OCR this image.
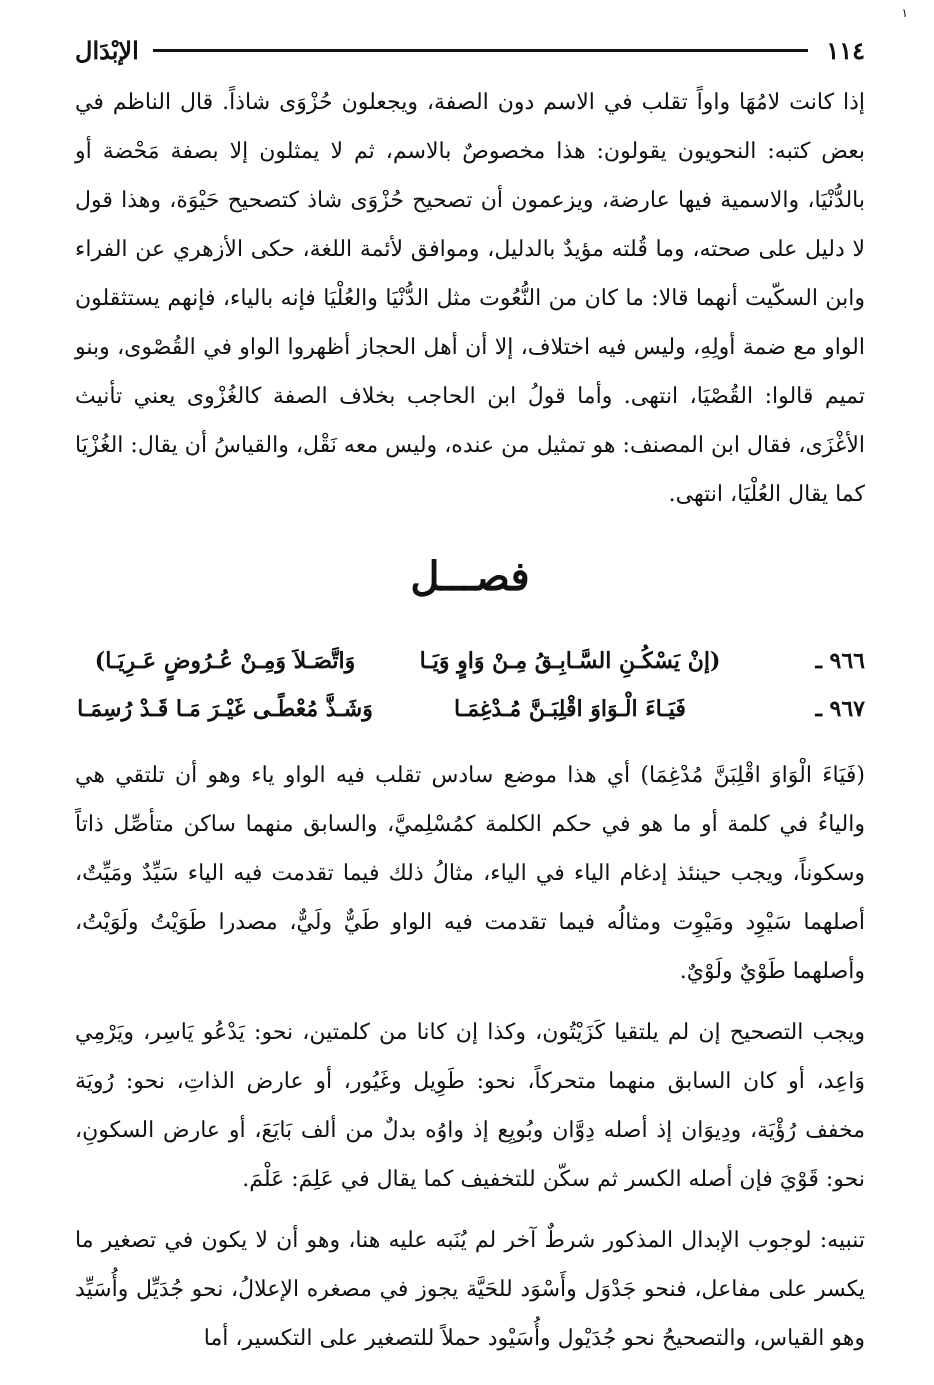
١
١١٤
الإبْدَال

إذا كانت لامُهَا واواً تقلب في الاسم دون الصفة، ويجعلون حُزْوَى شاذاً. قال الناظم في بعض كتبه: النحويون يقولون: هذا مخصوصٌ بالاسم، ثم لا يمثلون إلا بصفة مَحْضة أو بالدُّنْيَا، والاسمية فيها عارضة، ويزعمون أن تصحيح حُزْوَى شاذ كتصحيح حَيْوَة، وهذا قول لا دليل على صحته، وما قُلته مؤيدٌ بالدليل، وموافق لأئمة اللغة، حكى الأزهري عن الفراء وابن السكّيت أنهما قالا: ما كان من النُّعُوت مثل الدُّنْيَا والعُلْيَا فإنه بالياء، فإنهم يستثقلون الواو مع ضمة أولِهِ، وليس فيه اختلاف، إلا أن أهل الحجاز أظهروا الواو في القُصْوى، وبنو تميم قالوا: القُصْيَا، انتهى. وأما قولُ ابن الحاجب بخلاف الصفة كالغُزْوى يعني تأنيث الأغْزَى، فقال ابن المصنف: هو تمثيل من عنده، وليس معه نَقْل، والقياسُ أن يقال: الغُزْيَا كما يقال العُلْيَا، انتهى.

فصـــل
٩٦٦ ـ
(إنْ يَسْكُـنِ السَّـابِـقُ مِـنْ وَاوٍ وَيَـا
وَاتَّصَـلاَ وَمِـنْ عُـرُوضٍ عَـرِيَـا)
٩٦٧ ـ
فَيَـاءَ الْـوَاوَ اقْلِبَـنَّ مُـدْغِمَـا
وَشَـذَّ مُعْطًـى غَيْـرَ مَـا قَـدْ رُسِمَـا

(فَيَاءَ الْوَاوَ اقْلِبَنَّ مُدْغِمَا) أي هذا موضع سادس تقلب فيه الواو ياء وهو أن تلتقي هي والياءُ في كلمة أو ما هو في حكم الكلمة كمُسْلِميَّ، والسابق منهما ساكن متأصِّل ذاتاً وسكوناً، ويجب حينئذ إدغام الياء في الياء، مثالُ ذلك فيما تقدمت فيه الياء سَيِّدٌ ومَيِّتٌ، أصلهما سَيْوِد ومَيْوِت ومثالُه فيما تقدمت فيه الواو طَيٌّ ولَيٌّ، مصدرا طَوَيْتُ ولَوَيْتُ، وأصلهما طَوْيٌ ولَوْيٌ.

ويجب التصحيح إن لم يلتقيا كَزَيْتُون، وكذا إن كانا من كلمتين، نحو: يَدْعُو يَاسِر، ويَرْمِي وَاعِد، أو كان السابق منهما متحركاً، نحو: طَوِيل وغَيُور، أو عارض الذاتِ، نحو: رُويَة مخفف رُؤْيَة، ودِيوَان إذ أصله دِوَّان وبُويِع إذ واوُه بدلٌ من ألف بَايَعَ، أو عارض السكونِ، نحو: قَوْيَ فإن أصله الكسر ثم سكّن للتخفيف كما يقال في عَلِمَ: عَلْمَ.

تنبيه: لوجوب الإبدال المذكور شرطٌ آخر لم يُنَبه عليه هنا، وهو أن لا يكون في تصغير ما يكسر على مفاعل، فنحو جَدْوَل وأَسْوَد للحَيَّة يجوز في مصغره الإعلالُ، نحو جُدَيِّل وأُسَيِّد وهو القياس، والتصحيحُ نحو جُدَيْول وأُسَيْود حملاً للتصغير على التكسير، أما
